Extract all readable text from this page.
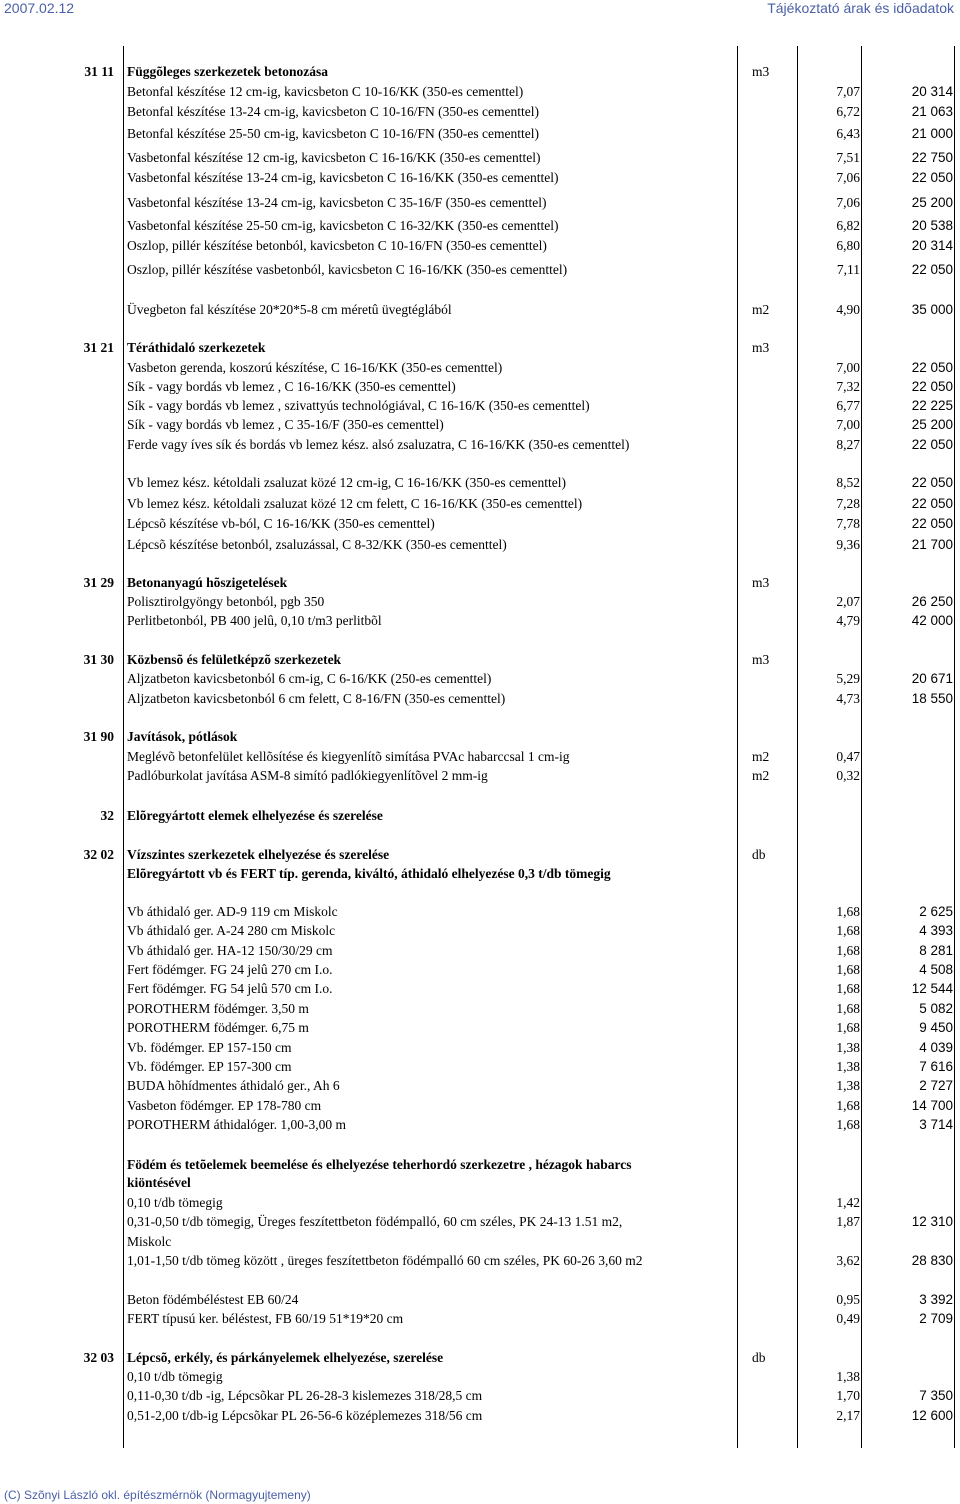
2007.02.12	Tájékoztató árak és idõadatok
31 11 Függõleges szerkezetek betonozása	m3
Betonfal készítése 12 cm-ig, kavicsbeton C 10-16/KK (350-es cementtel)	7,07	20 314
Betonfal készítése 13-24 cm-ig, kavicsbeton C 10-16/FN (350-es cementtel)	6,72	21 063
Betonfal készítése 25-50 cm-ig, kavicsbeton C 10-16/FN (350-es cementtel)	6,43	21 000
Vasbetonfal készítése 12 cm-ig, kavicsbeton C 16-16/KK (350-es cementtel)	7,51	22 750
Vasbetonfal készítése 13-24 cm-ig, kavicsbeton C 16-16/KK (350-es cementtel)	7,06	22 050
Vasbetonfal készítése 13-24 cm-ig, kavicsbeton C 35-16/F (350-es cementtel)	7,06	25 200
Vasbetonfal készítése 25-50 cm-ig, kavicsbeton C 16-32/KK (350-es cementtel)	6,82	20 538
Oszlop, pillér készítése betonból, kavicsbeton C 10-16/FN (350-es cementtel)	6,80	20 314
Oszlop, pillér készítése vasbetonból, kavicsbeton C 16-16/KK (350-es cementtel)	7,11	22 050
Üvegbeton fal készítése 20*20*5-8 cm méretû üvegtéglából	m2	4,90	35 000
31 21 Téráthidaló szerkezetek	m3
Vasbeton gerenda, koszorú készítése, C 16-16/KK (350-es cementtel)	7,00	22 050
Sík - vagy bordás vb lemez , C 16-16/KK (350-es cementtel)	7,32	22 050
Sík - vagy bordás vb lemez , szivattyús technológiával, C 16-16/K (350-es cementtel)	6,77	22 225
Sík - vagy bordás vb lemez , C 35-16/F (350-es cementtel)	7,00	25 200
Ferde vagy íves sík és bordás vb lemez kész. alsó zsaluzatra, C 16-16/KK (350-es cementtel)	8,27	22 050
Vb lemez kész. kétoldali zsaluzat közé 12 cm-ig, C 16-16/KK (350-es cementtel)	8,52	22 050
Vb lemez kész. kétoldali zsaluzat közé 12 cm felett, C 16-16/KK (350-es cementtel)	7,28	22 050
Lépcsõ készítése vb-ból, C 16-16/KK (350-es cementtel)	7,78	22 050
Lépcsõ készítése betonból, zsaluzással, C 8-32/KK (350-es cementtel)	9,36	21 700
31 29 Betonanyagú hõszigetelések	m3
Polisztirolgyöngy betonból, pgb 350	2,07	26 250
Perlitbetonból, PB 400 jelû, 0,10 t/m3 perlitbõl	4,79	42 000
31 30 Közbensõ és felületképzõ szerkezetek	m3
Aljzatbeton kavicsbetonból 6 cm-ig, C 6-16/KK (250-es cementtel)	5,29	20 671
Aljzatbeton kavicsbetonból 6 cm felett, C 8-16/FN (350-es cementtel)	4,73	18 550
31 90 Javítások, pótlások
Meglévõ betonfelület kellõsítése és kiegyenlítõ simítása PVAc habarccsal 1 cm-ig	m2	0,47
Padlóburkolat javítása ASM-8 simító padlókiegyenlítõvel 2 mm-ig	m2	0,32
32 Elõregyártott elemek elhelyezése és szerelése
32 02 Vízszintes szerkezetek elhelyezése és szerelése	db
Elõregyártott vb és FERT típ. gerenda, kiváltó, áthidaló elhelyezése 0,3 t/db tömegig
Vb áthidaló ger. AD-9 119 cm Miskolc	1,68	2 625
Vb áthidaló ger. A-24 280 cm Miskolc	1,68	4 393
Vb áthidaló ger. HA-12 150/30/29 cm	1,68	8 281
Fert födémger. FG 24 jelû 270 cm I.o.	1,68	4 508
Fert födémger. FG 54 jelû 570 cm I.o.	1,68	12 544
POROTHERM födémger. 3,50 m	1,68	5 082
POROTHERM födémger. 6,75 m	1,68	9 450
Vb. födémger. EP 157-150 cm	1,38	4 039
Vb. födémger. EP 157-300 cm	1,38	7 616
BUDA hõhídmentes áthidaló ger., Ah 6	1,38	2 727
Vasbeton födémger. EP 178-780 cm	1,68	14 700
POROTHERM áthidalóger. 1,00-3,00 m	1,68	3 714
Födém és tetõelemek beemelése és elhelyezése teherhordó szerkezetre , hézagok habarcs
kiöntésével
0,10 t/db tömegig	1,42
0,31-0,50 t/db tömegig, Üreges feszítettbeton födémpalló, 60 cm széles, PK 24-13 1.51 m2,	1,87	12 310
Miskolc
1,01-1,50 t/db tömeg között , üreges feszítettbeton födémpalló 60 cm széles, PK 60-26 3,60 m2	3,62	28 830
Beton födémbéléstest EB 60/24	0,95	3 392
FERT típusú ker. béléstest, FB 60/19 51*19*20 cm	0,49	2 709
32 03 Lépcsõ, erkély, és párkányelemek elhelyezése, szerelése	db
0,10 t/db tömegig	1,38
0,11-0,30 t/db -ig, Lépcsõkar PL 26-28-3 kislemezes 318/28,5 cm	1,70	7 350
0,51-2,00 t/db-ig Lépcsõkar PL 26-56-6 középlemezes 318/56 cm	2,17	12 600
(C) Szõnyi László okl. építészmérnök (Normagyujtemeny)
